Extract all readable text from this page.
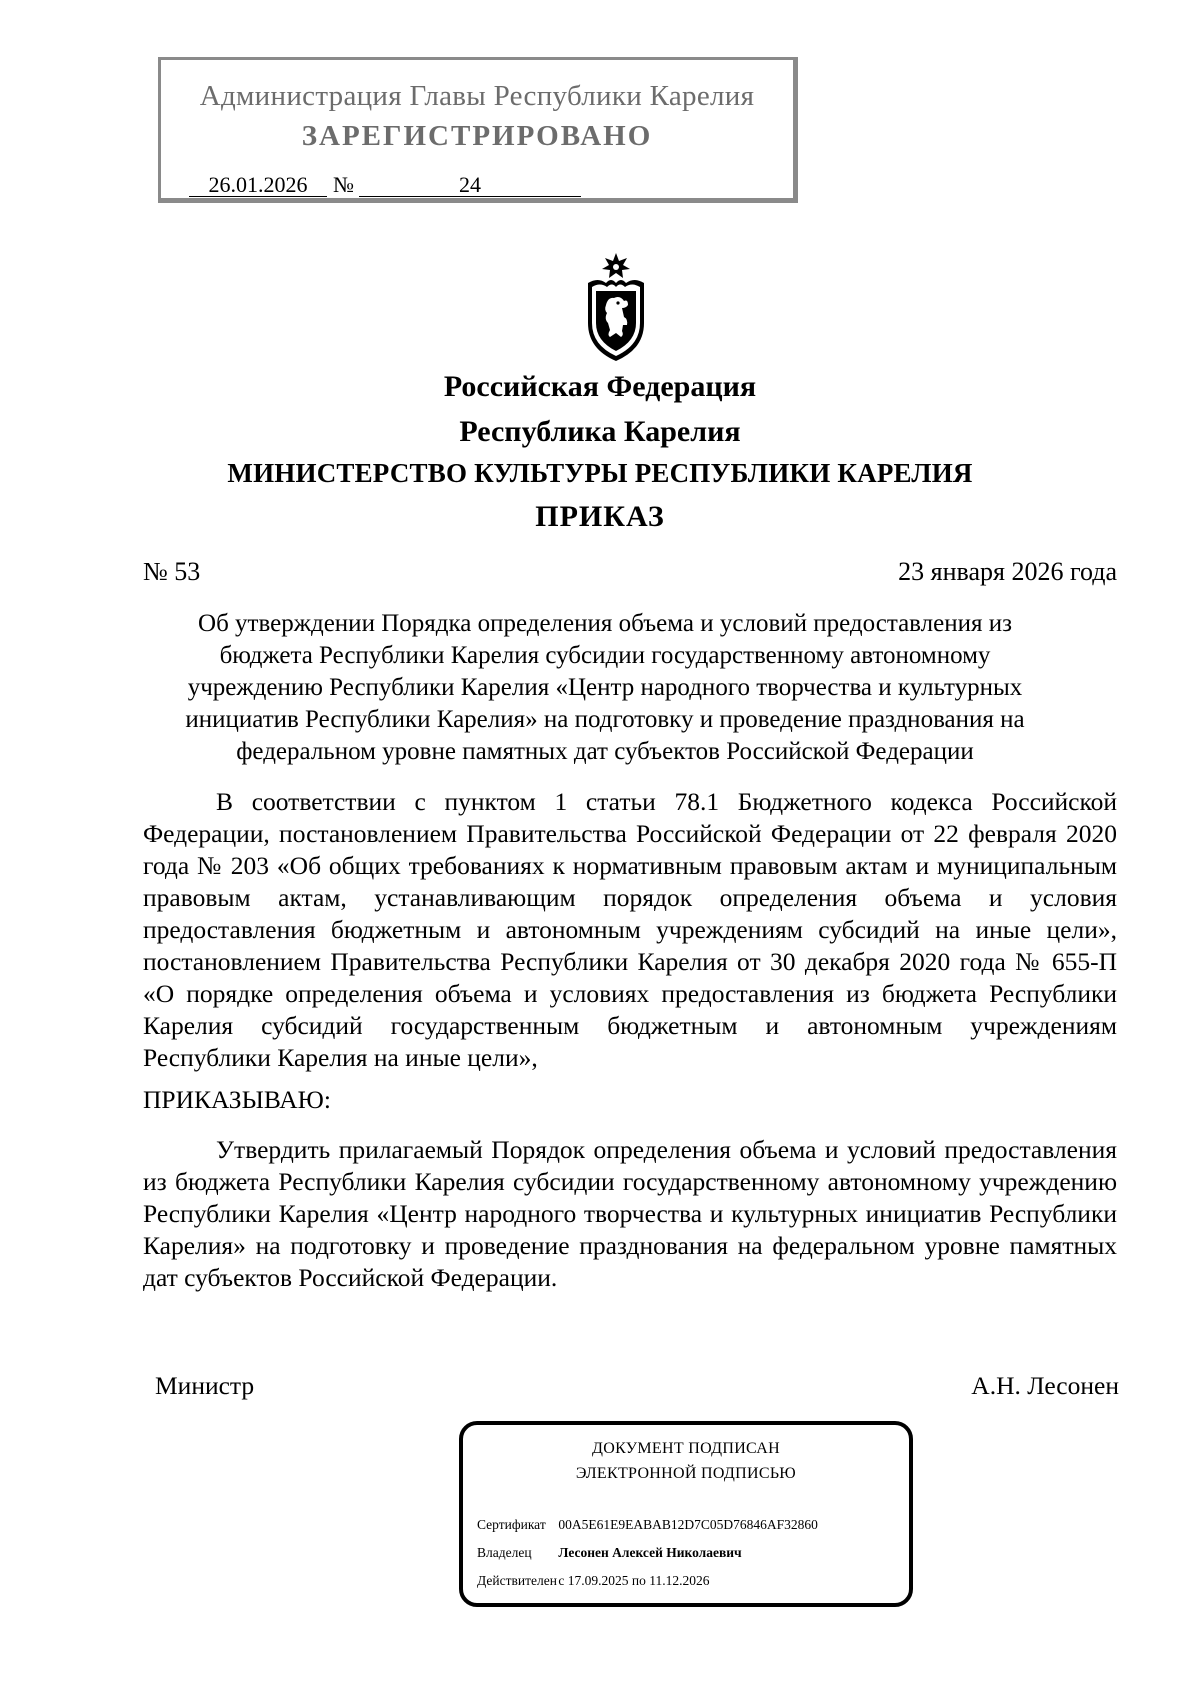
Администрация Главы Республики Карелия
ЗАРЕГИСТРИРОВАНО
26.01.2026	№	24
Российская Федерация
Республика Карелия
МИНИСТЕРСТВО КУЛЬТУРЫ РЕСПУБЛИКИ КАРЕЛИЯ
ПРИКАЗ
№ 53	23 января 2026 года
Об утверждении Порядка определения объема и условий предоставления из бюджета Республики Карелия субсидии государственному автономному учреждению Республики Карелия «Центр народного творчества и культурных инициатив Республики Карелия» на подготовку и проведение празднования на федеральном уровне памятных дат субъектов Российской Федерации
В соответствии с пунктом 1 статьи 78.1 Бюджетного кодекса Российской Федерации, постановлением Правительства Российской Федерации от 22 февраля 2020 года № 203 «Об общих требованиях к нормативным правовым актам и муниципальным правовым актам, устанавливающим порядок определения объема и условия предоставления бюджетным и автономным учреждениям субсидий на иные цели», постановлением Правительства Республики Карелия от 30 декабря 2020 года № 655-П «О порядке определения объема и условиях предоставления из бюджета Республики Карелия субсидий государственным бюджетным и автономным учреждениям Республики Карелия на иные цели»,
ПРИКАЗЫВАЮ:
Утвердить прилагаемый Порядок определения объема и условий предоставления из бюджета Республики Карелия субсидии государственному автономному учреждению Республики Карелия «Центр народного творчества и культурных инициатив Республики Карелия» на подготовку и проведение празднования на федеральном уровне памятных дат субъектов Российской Федерации.
Министр	А.Н. Лесонен
ДОКУМЕНТ ПОДПИСАН
ЭЛЕКТРОННОЙ ПОДПИСЬЮ
Сертификат 00A5E61E9EABAB12D7C05D76846AF32860
Владелец Лесонен Алексей Николаевич
Действителен с 17.09.2025 по 11.12.2026
